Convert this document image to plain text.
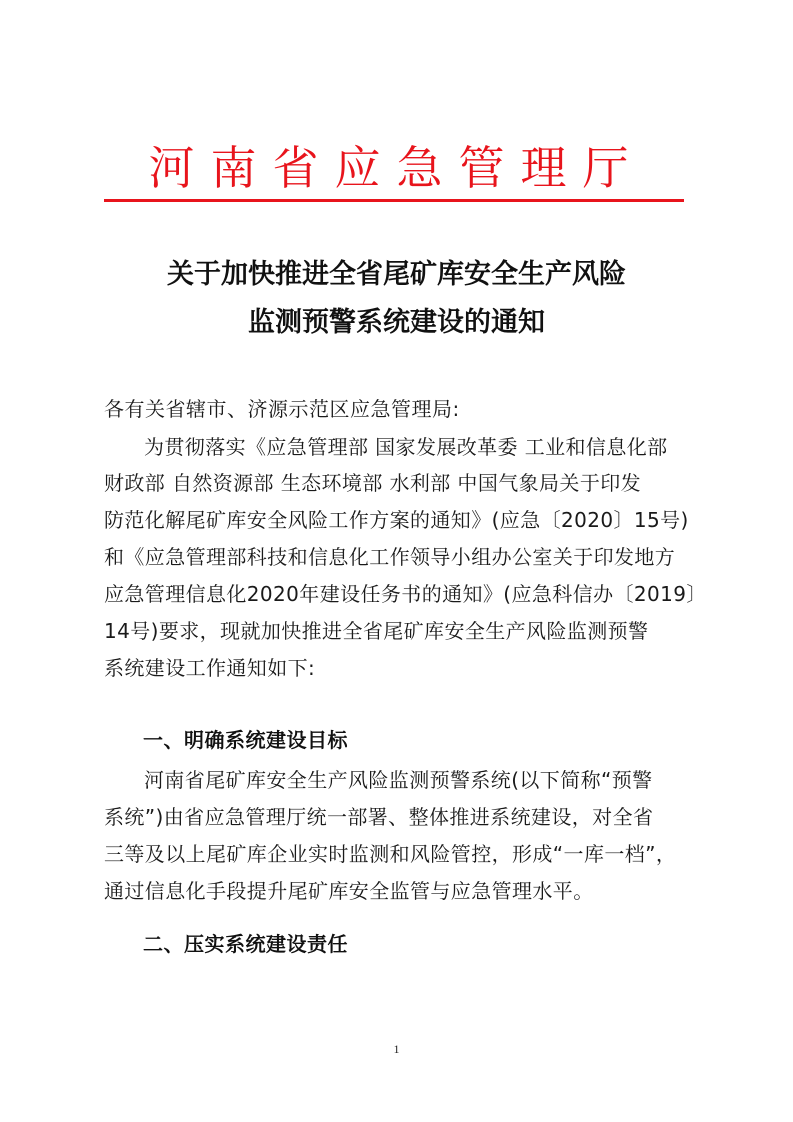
河南省应急管理厅
关于加快推进全省尾矿库安全生产风险
监测预警系统建设的通知
各有关省辖市、济源示范区应急管理局:
为贯彻落实《应急管理部 国家发展改革委 工业和信息化部
财政部 自然资源部 生态环境部 水利部 中国气象局关于印发
防范化解尾矿库安全风险工作方案的通知》(应急〔2020〕15号)
和《应急管理部科技和信息化工作领导小组办公室关于印发地方
应急管理信息化2020年建设任务书的通知》(应急科信办〔2019〕
14号)要求，现就加快推进全省尾矿库安全生产风险监测预警
系统建设工作通知如下:
一、明确系统建设目标
河南省尾矿库安全生产风险监测预警系统(以下简称“预警
系统”)由省应急管理厅统一部署、整体推进系统建设，对全省
三等及以上尾矿库企业实时监测和风险管控，形成“一库一档”，
通过信息化手段提升尾矿库安全监管与应急管理水平。
二、压实系统建设责任
1
